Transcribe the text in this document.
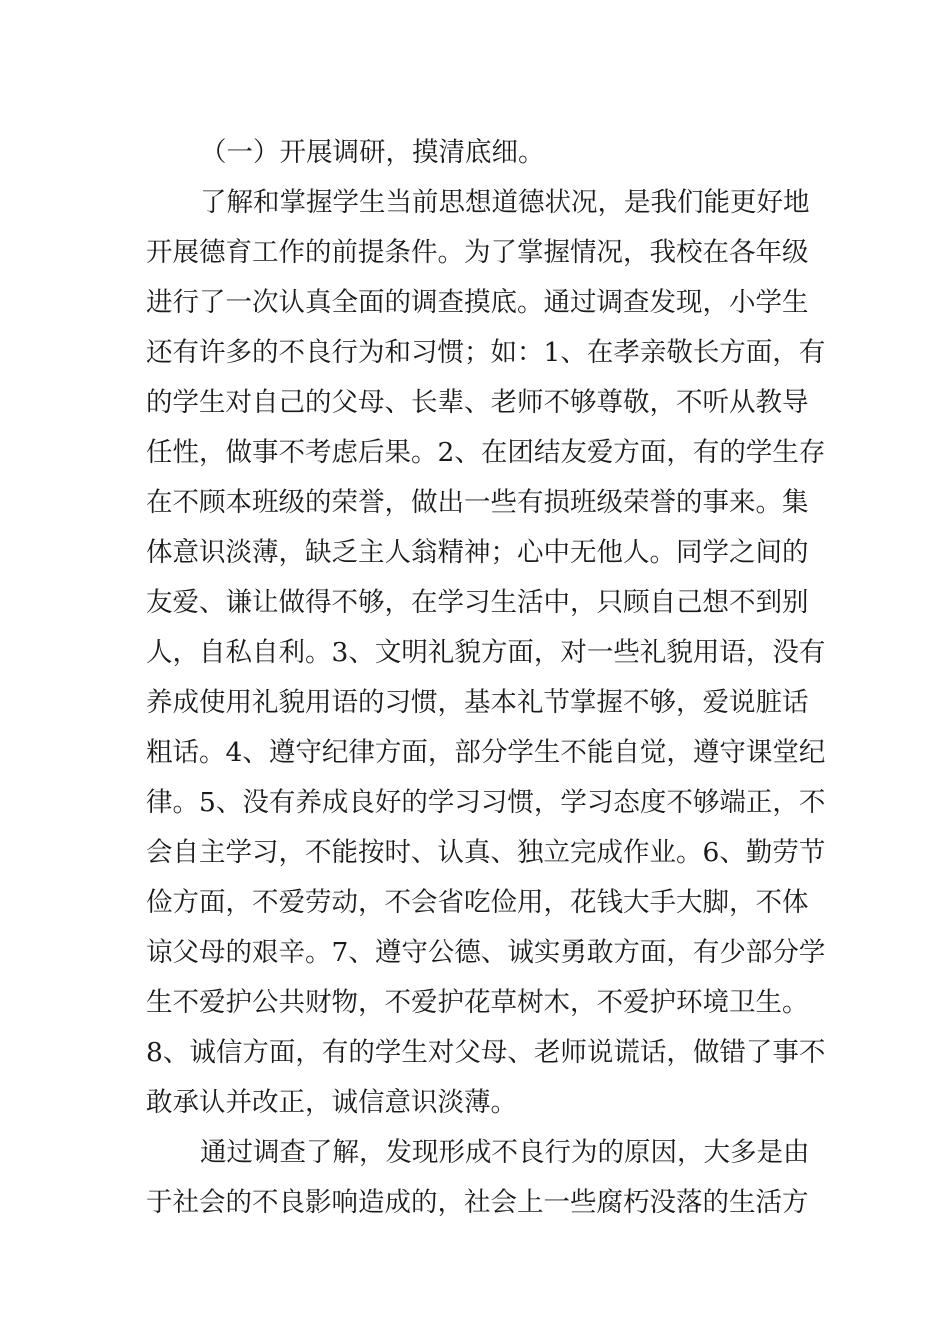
（一）开展调研，摸清底细。
了解和掌握学生当前思想道德状况，是我们能更好地
开展德育工作的前提条件。为了掌握情况，我校在各年级
进行了一次认真全面的调查摸底。通过调查发现，小学生
还有许多的不良行为和习惯；如：1、在孝亲敬长方面，有
的学生对自己的父母、长辈、老师不够尊敬，不听从教导
任性，做事不考虑后果。2、在团结友爱方面，有的学生存
在不顾本班级的荣誉，做出一些有损班级荣誉的事来。集
体意识淡薄，缺乏主人翁精神；心中无他人。同学之间的
友爱、谦让做得不够，在学习生活中，只顾自己想不到别
人，自私自利。3、文明礼貌方面，对一些礼貌用语，没有
养成使用礼貌用语的习惯，基本礼节掌握不够，爱说脏话
粗话。4、遵守纪律方面，部分学生不能自觉，遵守课堂纪
律。5、没有养成良好的学习习惯，学习态度不够端正，不
会自主学习，不能按时、认真、独立完成作业。6、勤劳节
俭方面，不爱劳动，不会省吃俭用，花钱大手大脚，不体
谅父母的艰辛。7、遵守公德、诚实勇敢方面，有少部分学
生不爱护公共财物，不爱护花草树木，不爱护环境卫生。
8、诚信方面，有的学生对父母、老师说谎话，做错了事不
敢承认并改正，诚信意识淡薄。
通过调查了解，发现形成不良行为的原因，大多是由
于社会的不良影响造成的，社会上一些腐朽没落的生活方
